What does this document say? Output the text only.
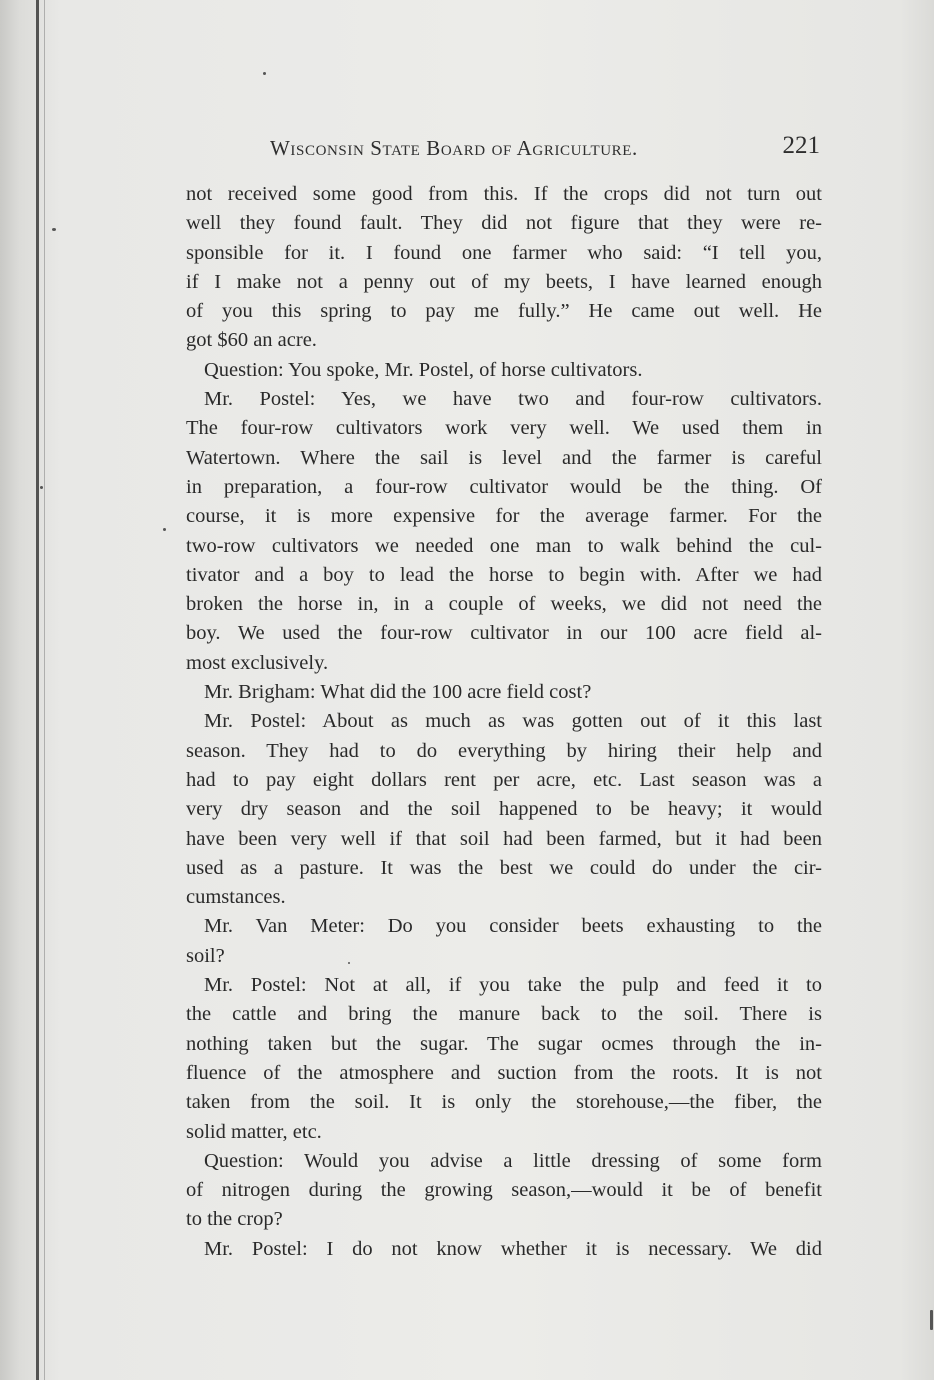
Wisconsin State Board of Agriculture.	221
not received some good from this. If the crops did not turn out
well they found fault. They did not figure that they were re-
sponsible for it. I found one farmer who said: “I tell you,
if I make not a penny out of my beets, I have learned enough
of you this spring to pay me fully.” He came out well. He
got $60 an acre.
Question: You spoke, Mr. Postel, of horse cultivators.
Mr. Postel: Yes, we have two and four-row cultivators.
The four-row cultivators work very well. We used them in
Watertown. Where the sail is level and the farmer is careful
in preparation, a four-row cultivator would be the thing. Of
course, it is more expensive for the average farmer. For the
two-row cultivators we needed one man to walk behind the cul-
tivator and a boy to lead the horse to begin with. After we had
broken the horse in, in a couple of weeks, we did not need the
boy. We used the four-row cultivator in our 100 acre field al-
most exclusively.
Mr. Brigham: What did the 100 acre field cost?
Mr. Postel: About as much as was gotten out of it this last
season. They had to do everything by hiring their help and
had to pay eight dollars rent per acre, etc. Last season was a
very dry season and the soil happened to be heavy; it would
have been very well if that soil had been farmed, but it had been
used as a pasture. It was the best we could do under the cir-
cumstances.
Mr. Van Meter: Do you consider beets exhausting to the
soil?
Mr. Postel: Not at all, if you take the pulp and feed it to
the cattle and bring the manure back to the soil. There is
nothing taken but the sugar. The sugar ocmes through the in-
fluence of the atmosphere and suction from the roots. It is not
taken from the soil. It is only the storehouse,—the fiber, the
solid matter, etc.
Question: Would you advise a little dressing of some form
of nitrogen during the growing season,—would it be of benefit
to the crop?
Mr. Postel: I do not know whether it is necessary. We did
